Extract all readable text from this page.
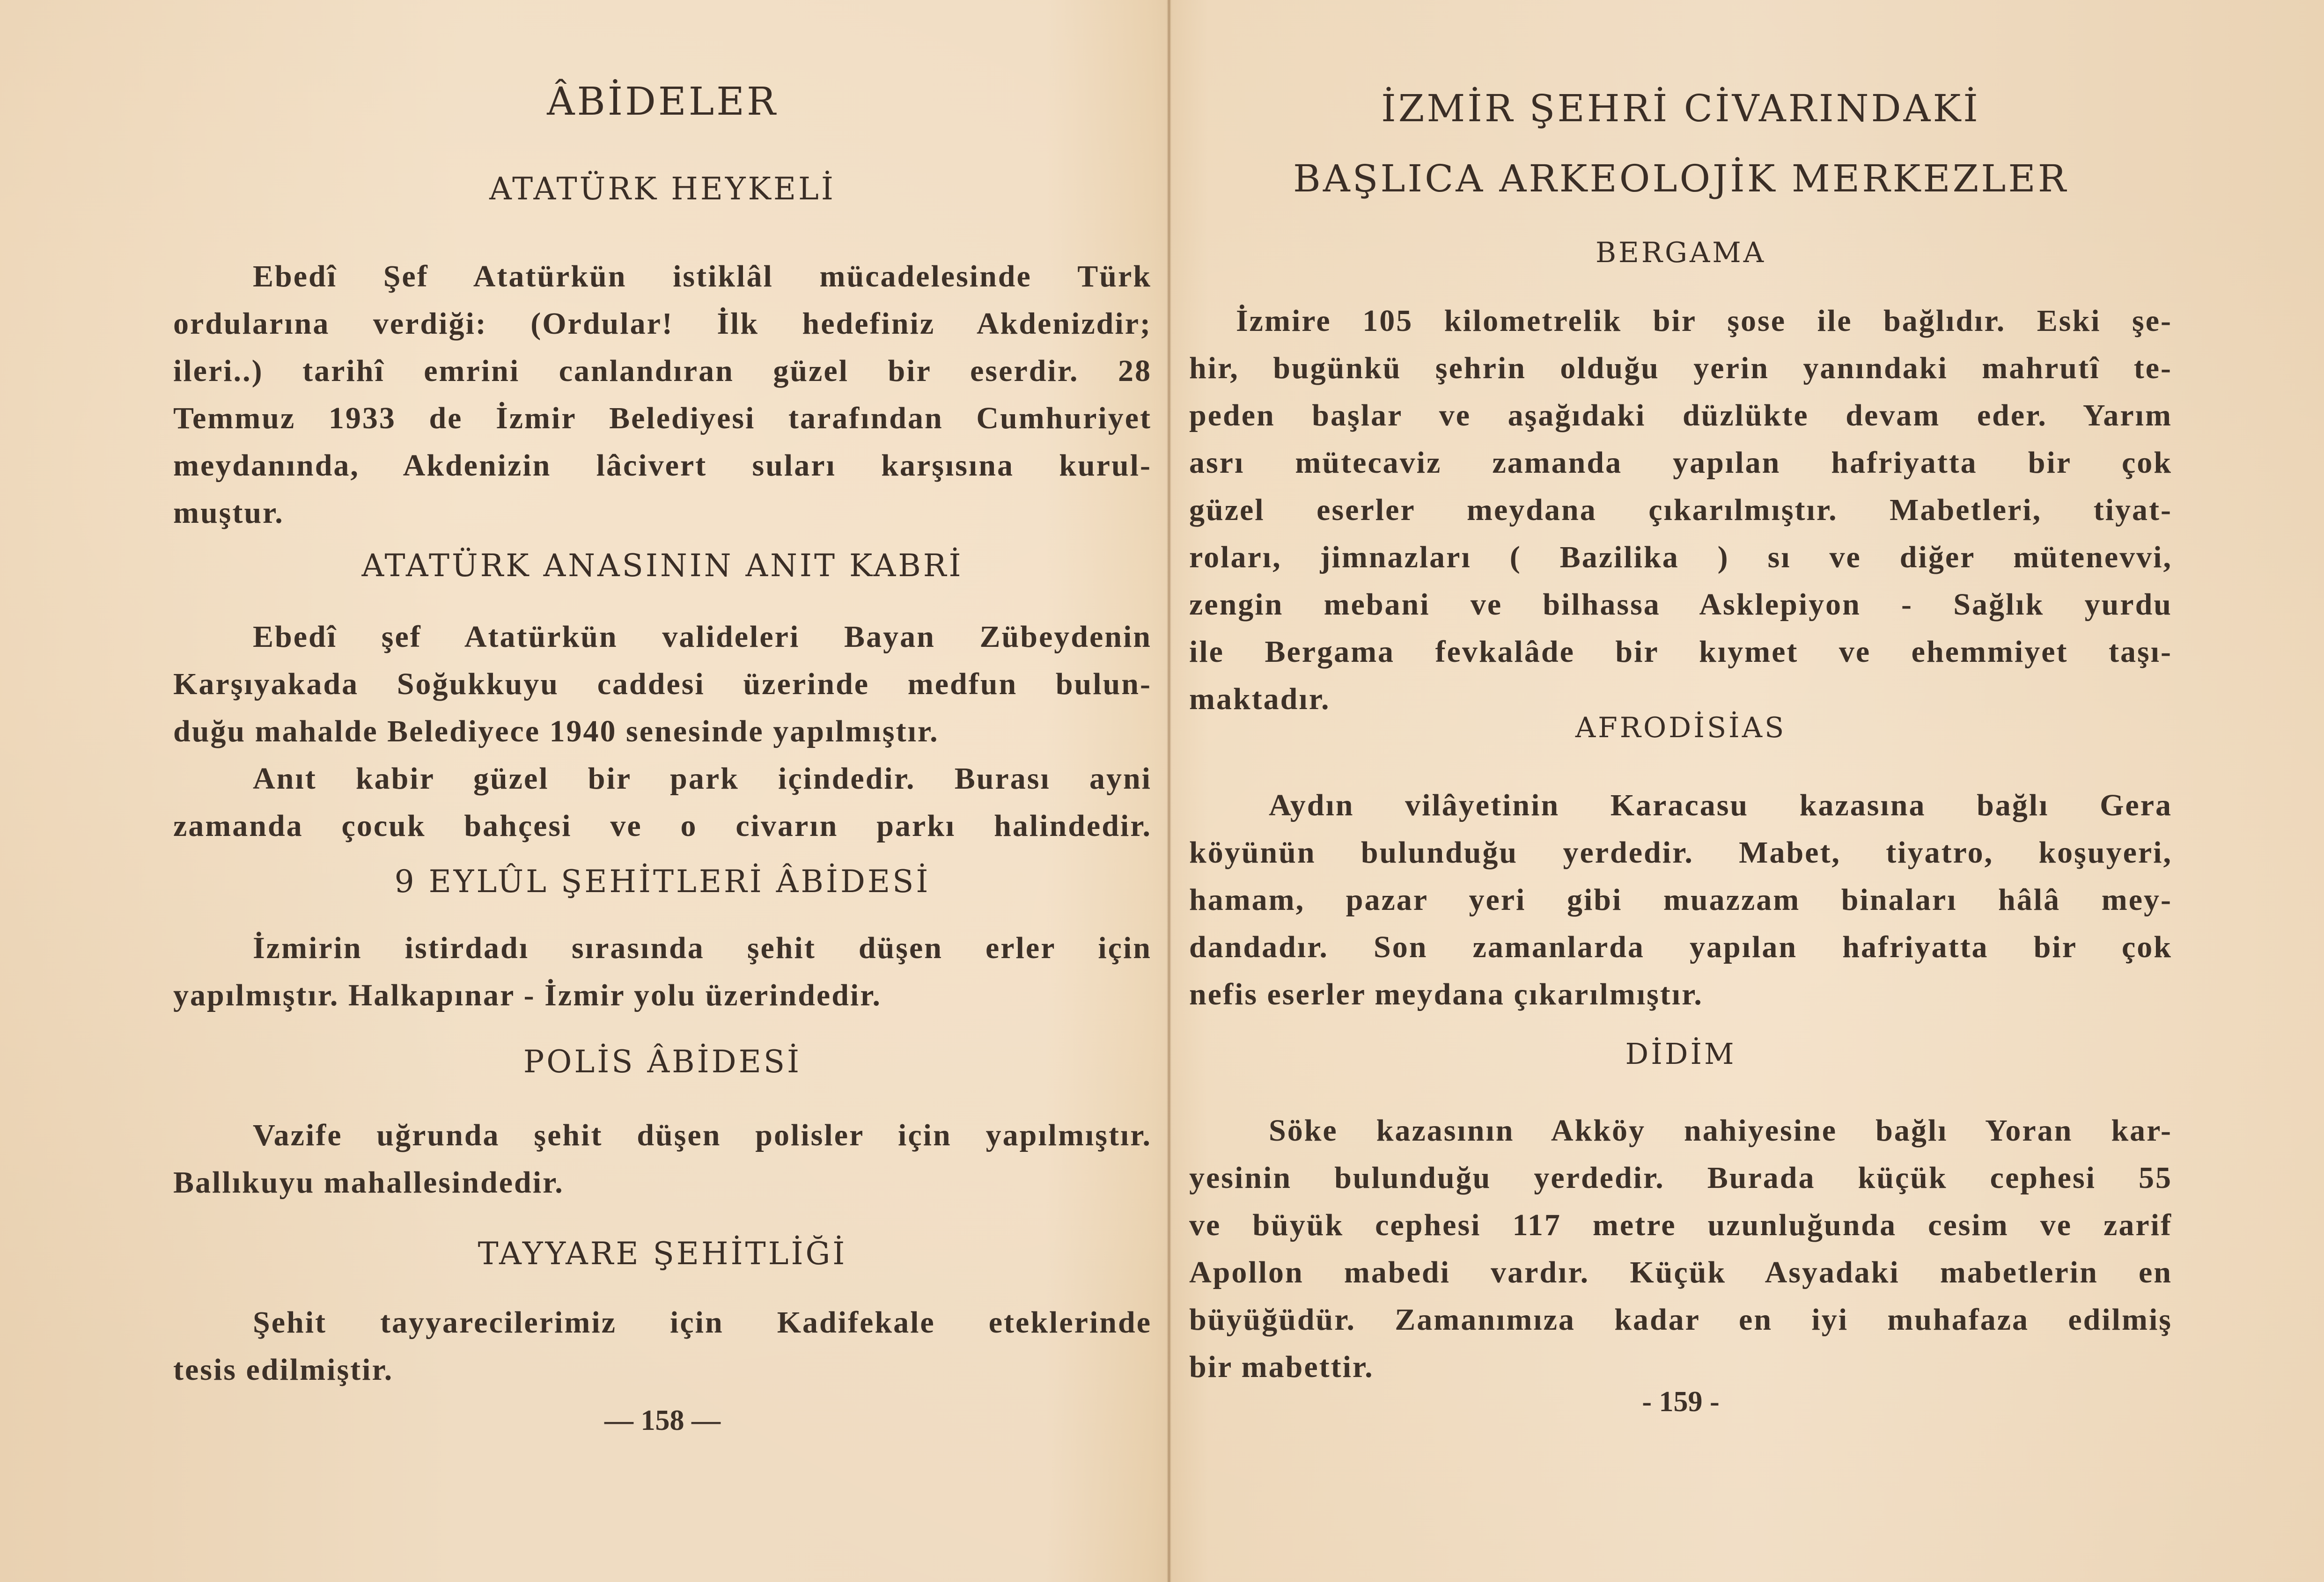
ÂBİDELER
ATATÜRK HEYKELİ
Ebedî Şef Atatürkün istiklâl mücadelesinde Türk
ordularına verdiği: (Ordular! İlk hedefiniz Akdenizdir;
ileri..) tarihî emrini canlandıran güzel bir eserdir. 28
Temmuz 1933 de İzmir Belediyesi tarafından Cumhuriyet
meydanında, Akdenizin lâcivert suları karşısına kurul-
muştur.
ATATÜRK ANASININ ANIT KABRİ
Ebedî şef Atatürkün valideleri Bayan Zübeydenin
Karşıyakada Soğukkuyu caddesi üzerinde medfun bulun-
duğu mahalde Belediyece 1940 senesinde yapılmıştır.
Anıt kabir güzel bir park içindedir. Burası ayni
zamanda çocuk bahçesi ve o civarın parkı halindedir.
9 EYLÛL ŞEHİTLERİ ÂBİDESİ
İzmirin istirdadı sırasında şehit düşen erler için
yapılmıştır. Halkapınar - İzmir yolu üzerindedir.
POLİS ÂBİDESİ
Vazife uğrunda şehit düşen polisler için yapılmıştır.
Ballıkuyu mahallesindedir.
TAYYARE ŞEHİTLİĞİ
Şehit tayyarecilerimiz için Kadifekale eteklerinde
tesis edilmiştir.
— 158 —
İZMİR ŞEHRİ CİVARINDAKİ
BAŞLICA ARKEOLOJİK MERKEZLER
BERGAMA
İzmire 105 kilometrelik bir şose ile bağlıdır. Eski şe-
hir, bugünkü şehrin olduğu yerin yanındaki mahrutî te-
peden başlar ve aşağıdaki düzlükte devam eder. Yarım
asrı mütecaviz zamanda yapılan hafriyatta bir çok
güzel eserler meydana çıkarılmıştır. Mabetleri, tiyat-
roları, jimnazları ( Bazilika ) sı ve diğer mütenevvi,
zengin mebani ve bilhassa Asklepiyon - Sağlık yurdu
ile Bergama fevkalâde bir kıymet ve ehemmiyet taşı-
maktadır.
AFRODİSİAS
Aydın vilâyetinin Karacasu kazasına bağlı Gera
köyünün bulunduğu yerdedir. Mabet, tiyatro, koşuyeri,
hamam, pazar yeri gibi muazzam binaları hâlâ mey-
dandadır. Son zamanlarda yapılan hafriyatta bir çok
nefis eserler meydana çıkarılmıştır.
DİDİM
Söke kazasının Akköy nahiyesine bağlı Yoran kar-
yesinin bulunduğu yerdedir. Burada küçük cephesi 55
ve büyük cephesi 117 metre uzunluğunda cesim ve zarif
Apollon mabedi vardır. Küçük Asyadaki mabetlerin en
büyüğüdür. Zamanımıza kadar en iyi muhafaza edilmiş
bir mabettir.
- 159 -
